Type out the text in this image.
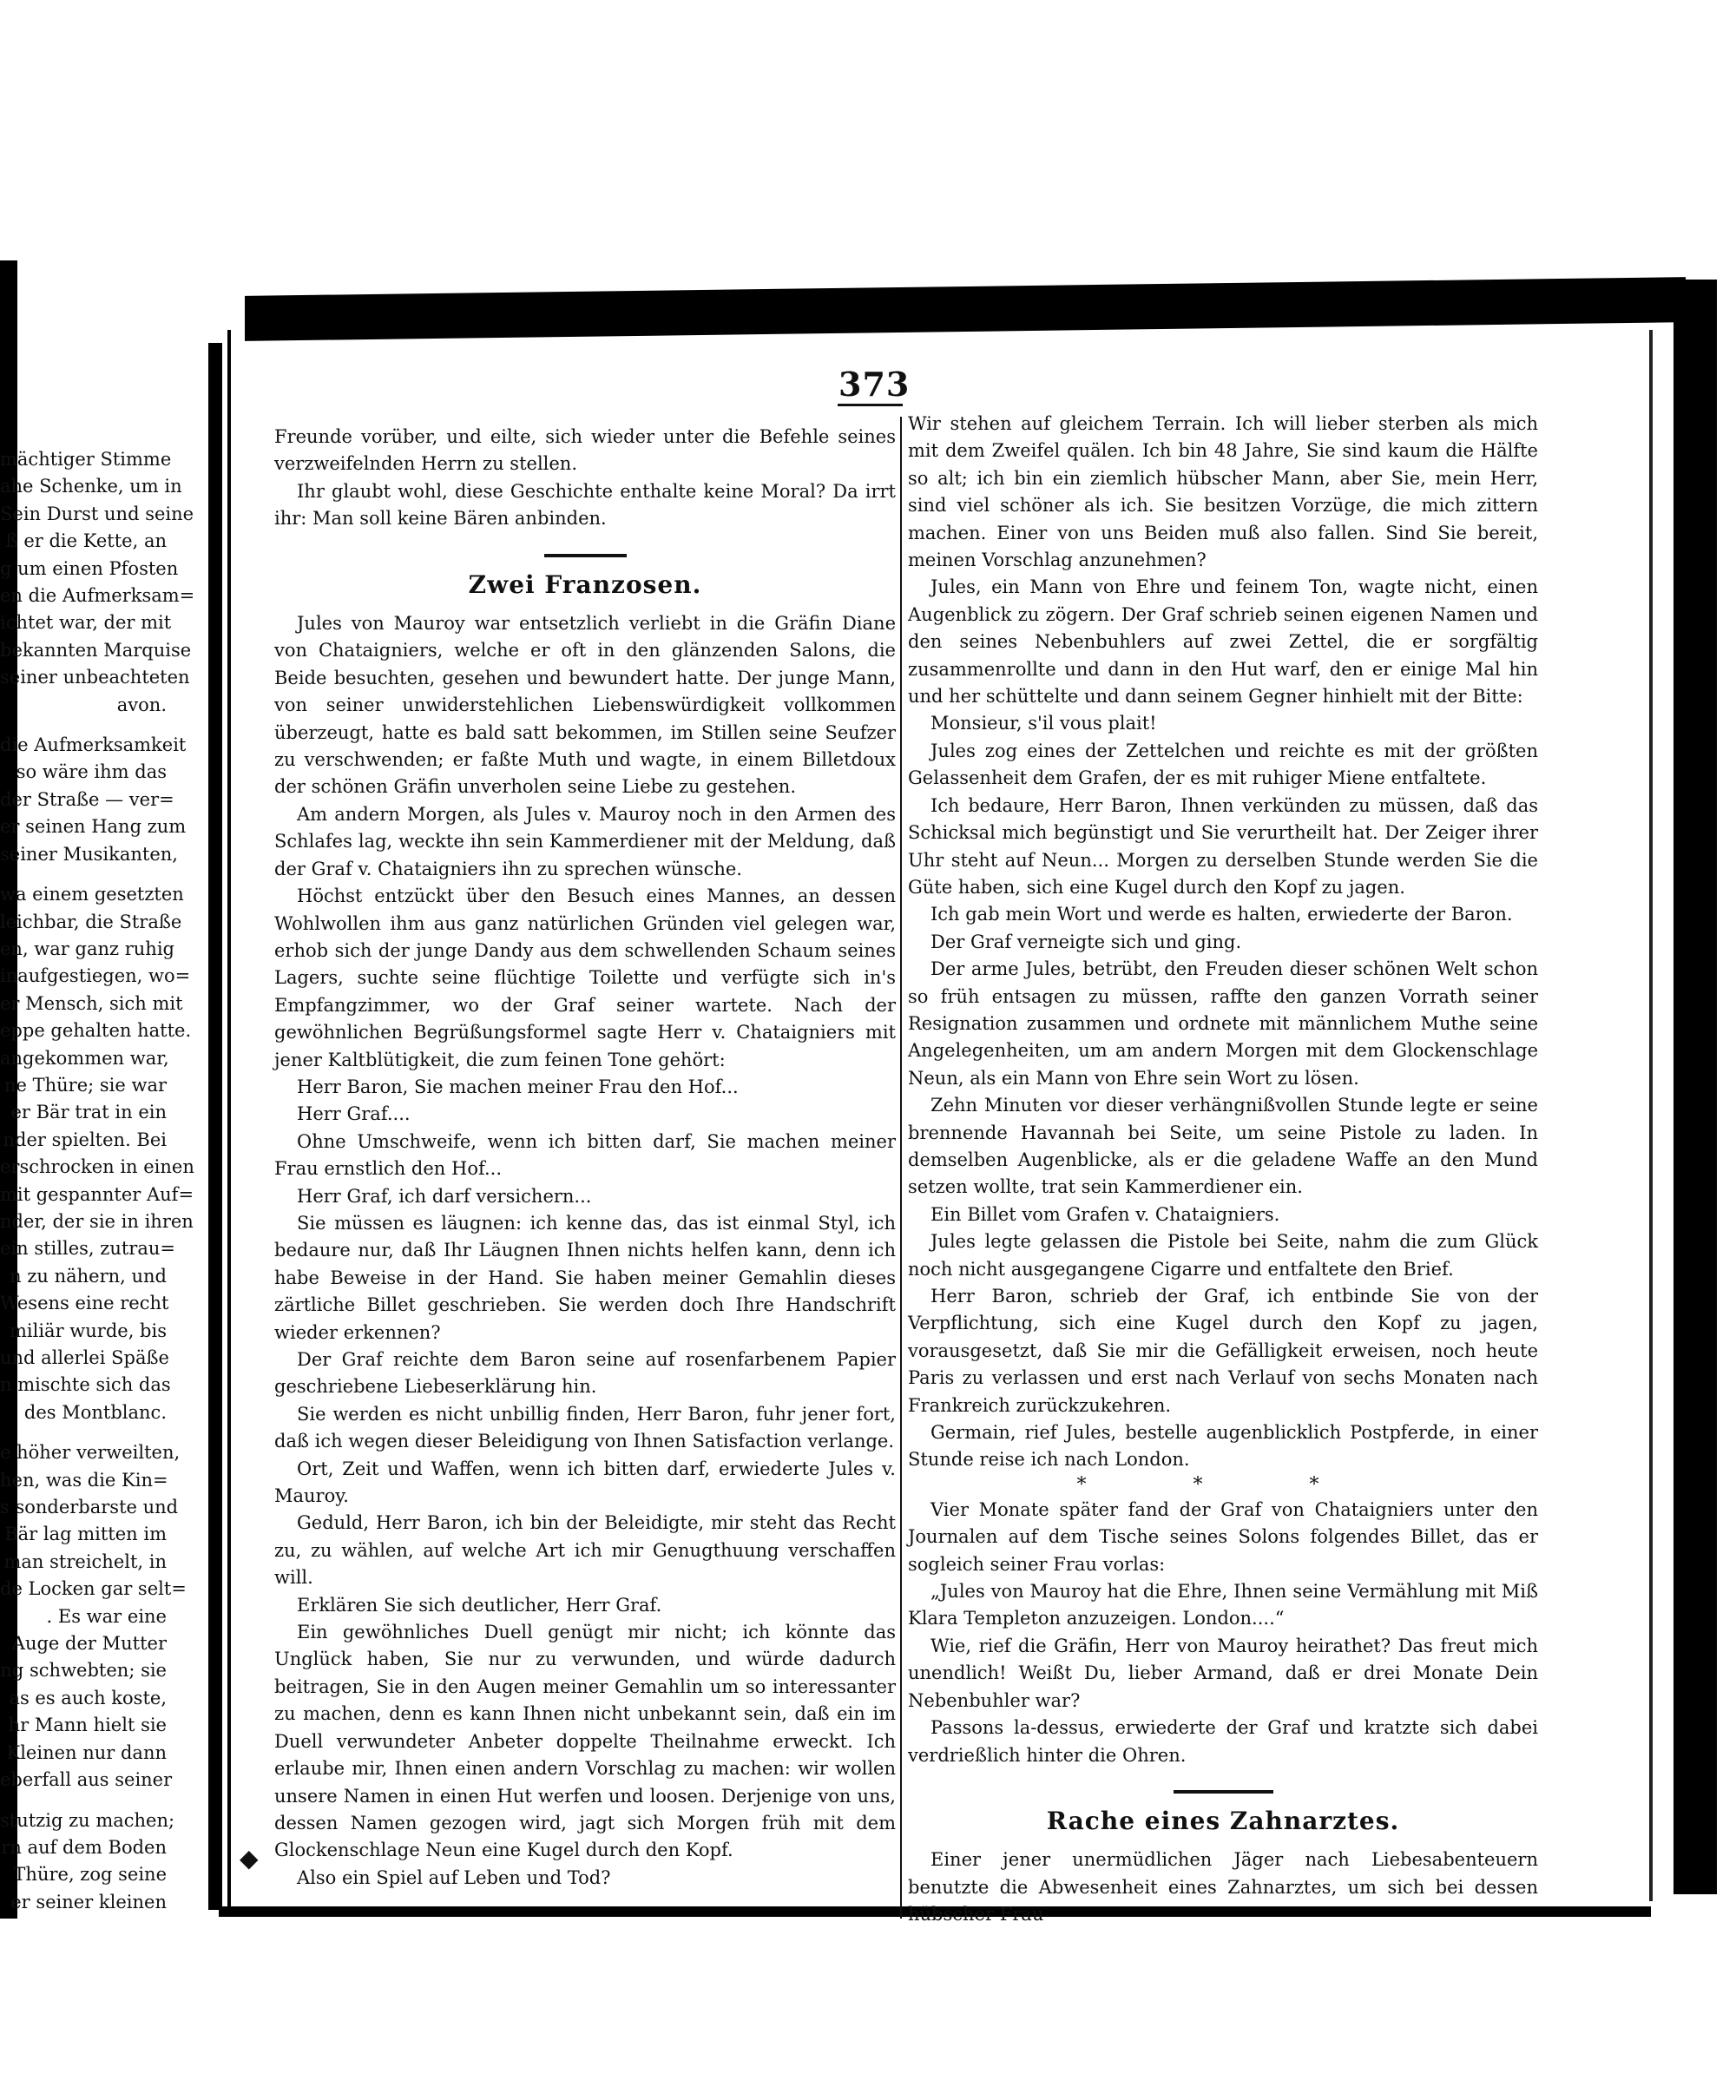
373

mächtiger Stimme

ahe Schenke, um in

Sein Durst und seine

ß er die Kette, an

g um einen Pfosten

en die Aufmerksam=

ichtet war, der mit

bekannten Marquise

seiner unbeachteten

avon.

die Aufmerksamkeit

so wäre ihm das

der Straße — ver=

er seinen Hang zum

seiner Musikanten,

wa einem gesetzten

leichbar, die Straße

en, war ganz ruhig

inaufgestiegen, wo=

er Mensch, sich mit

eppe gehalten hatte.

angekommen war,

ne Thüre; sie war

er Bär trat in ein

nder spielten. Bei

erschrocken in einen

mit gespannter Auf=

nder, der sie in ihren

ein stilles, zutrau=

n zu nähern, und

Wesens eine recht

miliär wurde, bis

und allerlei Späße

n mischte sich das

des Montblanc.

e höher verweilten,

hen, was die Kin=

s sonderbarste und

Bär lag mitten im

man streichelt, in

de Locken gar selt=

. Es war eine

Auge der Mutter

ng schwebten; sie

as es auch koste,

hr Mann hielt sie

Kleinen nur dann

eberfall aus seiner

stutzig zu machen;

rn auf dem Boden

Thüre, zog seine

er seiner kleinen

Freunde vorüber, und eilte, sich wieder unter die Befehle seines verzweifelnden Herrn zu stellen.

Ihr glaubt wohl, diese Geschichte enthalte keine Moral? Da irrt ihr: Man soll keine Bären anbinden.

Zwei Franzosen.

Jules von Mauroy war entsetzlich verliebt in die Gräfin Diane von Chataigniers, welche er oft in den glänzenden Salons, die Beide besuchten, gesehen und bewundert hatte. Der junge Mann, von seiner unwiderstehlichen Liebenswürdigkeit vollkommen überzeugt, hatte es bald satt bekommen, im Stillen seine Seufzer zu verschwenden; er faßte Muth und wagte, in einem Billetdoux der schönen Gräfin unverholen seine Liebe zu gestehen.

Am andern Morgen, als Jules v. Mauroy noch in den Armen des Schlafes lag, weckte ihn sein Kammerdiener mit der Meldung, daß der Graf v. Chataigniers ihn zu sprechen wünsche.

Höchst entzückt über den Besuch eines Mannes, an dessen Wohlwollen ihm aus ganz natürlichen Gründen viel gelegen war, erhob sich der junge Dandy aus dem schwellenden Schaum seines Lagers, suchte seine flüchtige Toilette und verfügte sich in's Empfangzimmer, wo der Graf seiner wartete. Nach der gewöhnlichen Begrüßungsformel sagte Herr v. Chataigniers mit jener Kaltblütigkeit, die zum feinen Tone gehört:

Herr Baron, Sie machen meiner Frau den Hof...

Herr Graf....

Ohne Umschweife, wenn ich bitten darf, Sie machen meiner Frau ernstlich den Hof...

Herr Graf, ich darf versichern...

Sie müssen es läugnen: ich kenne das, das ist einmal Styl, ich bedaure nur, daß Ihr Läugnen Ihnen nichts helfen kann, denn ich habe Beweise in der Hand. Sie haben meiner Gemahlin dieses zärtliche Billet geschrieben. Sie werden doch Ihre Handschrift wieder erkennen?

Der Graf reichte dem Baron seine auf rosenfarbenem Papier geschriebene Liebeserklärung hin.

Sie werden es nicht unbillig finden, Herr Baron, fuhr jener fort, daß ich wegen dieser Beleidigung von Ihnen Satisfaction verlange.

Ort, Zeit und Waffen, wenn ich bitten darf, erwiederte Jules v. Mauroy.

Geduld, Herr Baron, ich bin der Beleidigte, mir steht das Recht zu, zu wählen, auf welche Art ich mir Genugthuung verschaffen will.

Erklären Sie sich deutlicher, Herr Graf.

Ein gewöhnliches Duell genügt mir nicht; ich könnte das Unglück haben, Sie nur zu verwunden, und würde dadurch beitragen, Sie in den Augen meiner Gemahlin um so interessanter zu machen, denn es kann Ihnen nicht unbekannt sein, daß ein im Duell verwundeter Anbeter doppelte Theilnahme erweckt. Ich erlaube mir, Ihnen einen andern Vorschlag zu machen: wir wollen unsere Namen in einen Hut werfen und loosen. Derjenige von uns, dessen Namen gezogen wird, jagt sich Morgen früh mit dem Glockenschlage Neun eine Kugel durch den Kopf.

Also ein Spiel auf Leben und Tod?

Wir stehen auf gleichem Terrain. Ich will lieber sterben als mich mit dem Zweifel quälen. Ich bin 48 Jahre, Sie sind kaum die Hälfte so alt; ich bin ein ziemlich hübscher Mann, aber Sie, mein Herr, sind viel schöner als ich. Sie besitzen Vorzüge, die mich zittern machen. Einer von uns Beiden muß also fallen. Sind Sie bereit, meinen Vorschlag anzunehmen?

Jules, ein Mann von Ehre und feinem Ton, wagte nicht, einen Augenblick zu zögern. Der Graf schrieb seinen eigenen Namen und den seines Nebenbuhlers auf zwei Zettel, die er sorgfältig zusammenrollte und dann in den Hut warf, den er einige Mal hin und her schüttelte und dann seinem Gegner hinhielt mit der Bitte:

Monsieur, s'il vous plait!

Jules zog eines der Zettelchen und reichte es mit der größten Gelassenheit dem Grafen, der es mit ruhiger Miene entfaltete.

Ich bedaure, Herr Baron, Ihnen verkünden zu müssen, daß das Schicksal mich begünstigt und Sie verurtheilt hat. Der Zeiger ihrer Uhr steht auf Neun... Morgen zu derselben Stunde werden Sie die Güte haben, sich eine Kugel durch den Kopf zu jagen.

Ich gab mein Wort und werde es halten, erwiederte der Baron.

Der Graf verneigte sich und ging.

Der arme Jules, betrübt, den Freuden dieser schönen Welt schon so früh entsagen zu müssen, raffte den ganzen Vorrath seiner Resignation zusammen und ordnete mit männlichem Muthe seine Angelegenheiten, um am andern Morgen mit dem Glockenschlage Neun, als ein Mann von Ehre sein Wort zu lösen.

Zehn Minuten vor dieser verhängnißvollen Stunde legte er seine brennende Havannah bei Seite, um seine Pistole zu laden. In demselben Augenblicke, als er die geladene Waffe an den Mund setzen wollte, trat sein Kammerdiener ein.

Ein Billet vom Grafen v. Chataigniers.

Jules legte gelassen die Pistole bei Seite, nahm die zum Glück noch nicht ausgegangene Cigarre und entfaltete den Brief.

Herr Baron, schrieb der Graf, ich entbinde Sie von der Verpflichtung, sich eine Kugel durch den Kopf zu jagen, vorausgesetzt, daß Sie mir die Gefälligkeit erweisen, noch heute Paris zu verlassen und erst nach Verlauf von sechs Monaten nach Frankreich zurückzukehren.

Germain, rief Jules, bestelle augenblicklich Postpferde, in einer Stunde reise ich nach London.

* * *

Vier Monate später fand der Graf von Chataigniers unter den Journalen auf dem Tische seines Solons folgendes Billet, das er sogleich seiner Frau vorlas:

„Jules von Mauroy hat die Ehre, Ihnen seine Vermählung mit Miß Klara Templeton anzuzeigen. London....“

Wie, rief die Gräfin, Herr von Mauroy heirathet? Das freut mich unendlich! Weißt Du, lieber Armand, daß er drei Monate Dein Nebenbuhler war?

Passons la-dessus, erwiederte der Graf und kratzte sich dabei verdrießlich hinter die Ohren.

Rache eines Zahnarztes.

Einer jener unermüdlichen Jäger nach Liebesabenteuern benutzte die Abwesenheit eines Zahnarztes, um sich bei dessen hübscher Frau

◆
